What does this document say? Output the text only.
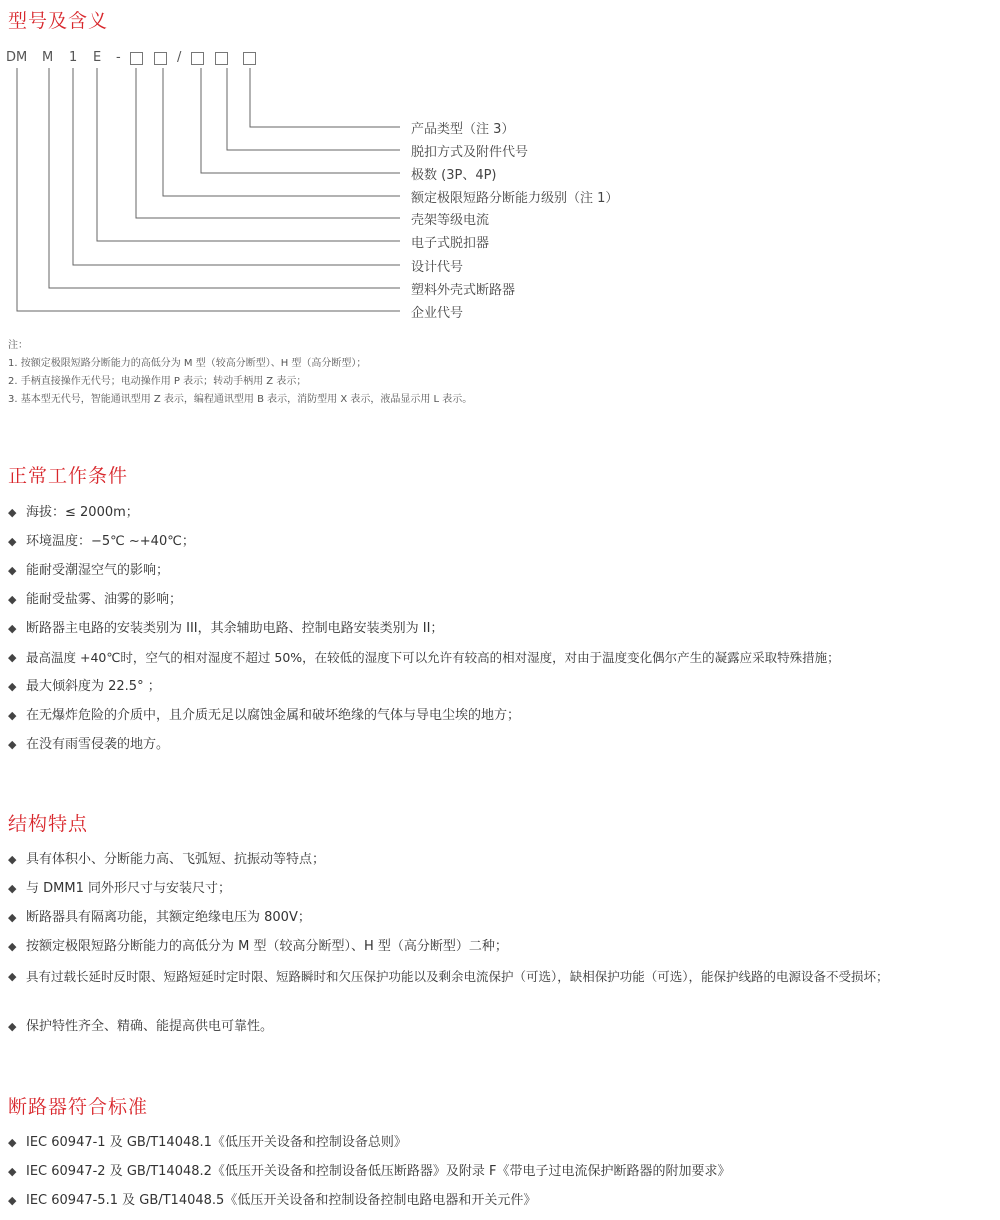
型号及含义
DM M 1 E -	/
产品类型（注 3）
脱扣方式及附件代号
极数 (3P、4P)
额定极限短路分断能力级别（注 1）
壳架等级电流
电子式脱扣器
设计代号
塑料外壳式断路器
企业代号
注：
1. 按额定极限短路分断能力的高低分为 M 型（较高分断型）、H 型（高分断型）；
2. 手柄直接操作无代号；电动操作用 P 表示；转动手柄用 Z 表示；
3. 基本型无代号，智能通讯型用 Z 表示，编程通讯型用 B 表示，消防型用 X 表示，液晶显示用 L 表示。
正常工作条件
◆ 海拔：≤ 2000m；
◆ 环境温度：−5℃ ~+40℃；
◆ 能耐受潮湿空气的影响；
◆ 能耐受盐雾、油雾的影响；
◆ 断路器主电路的安装类别为 III，其余辅助电路、控制电路安装类别为 II；
◆ 最高温度 +40℃时，空气的相对湿度不超过 50%，在较低的湿度下可以允许有较高的相对湿度，对由于温度变化偶尔产生的凝露应采取特殊措施；
◆ 最大倾斜度为 22.5° ；
◆ 在无爆炸危险的介质中，且介质无足以腐蚀金属和破坏绝缘的气体与导电尘埃的地方；
◆ 在没有雨雪侵袭的地方。
结构特点
◆ 具有体积小、分断能力高、飞弧短、抗振动等特点；
◆ 与 DMM1 同外形尺寸与安装尺寸；
◆ 断路器具有隔离功能，其额定绝缘电压为 800V；
◆ 按额定极限短路分断能力的高低分为 M 型（较高分断型）、H 型（高分断型）二种；
◆ 具有过载长延时反时限、短路短延时定时限、短路瞬时和欠压保护功能以及剩余电流保护（可选），缺相保护功能（可选），能保护线路的电源设备不受损坏；
◆ 保护特性齐全、精确、能提高供电可靠性。
断路器符合标准
◆ IEC 60947-1 及 GB/T14048.1《低压开关设备和控制设备总则》
◆ IEC 60947-2 及 GB/T14048.2《低压开关设备和控制设备低压断路器》及附录 F《带电子过电流保护断路器的附加要求》
◆ IEC 60947-5.1 及 GB/T14048.5《低压开关设备和控制设备控制电路电器和开关元件》
